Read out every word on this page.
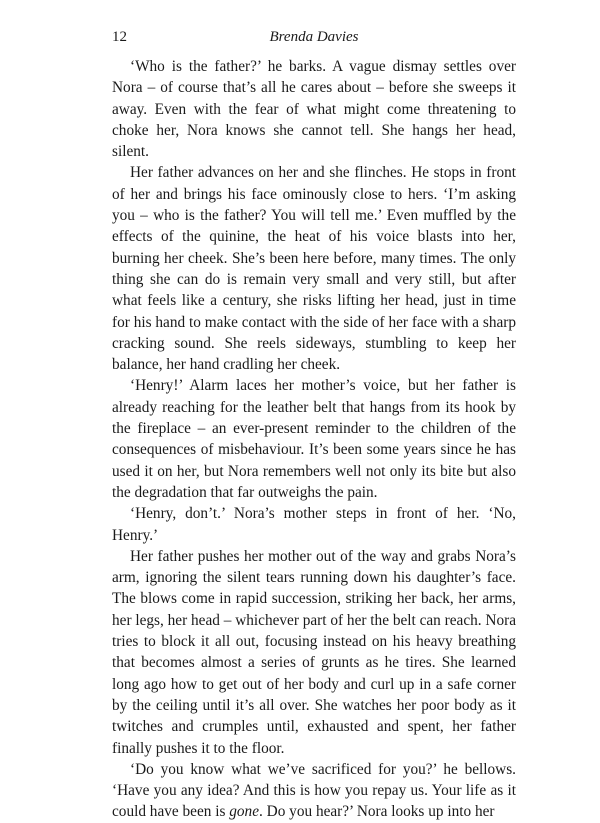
12	Brenda Davies

‘Who is the father?’ he barks. A vague dismay settles over Nora – of course that’s all he cares about – before she sweeps it away. Even with the fear of what might come threatening to choke her, Nora knows she cannot tell. She hangs her head, silent.

Her father advances on her and she flinches. He stops in front of her and brings his face ominously close to hers. ‘I’m asking you – who is the father? You will tell me.’ Even muffled by the effects of the quinine, the heat of his voice blasts into her, burning her cheek. She’s been here before, many times. The only thing she can do is remain very small and very still, but after what feels like a century, she risks lifting her head, just in time for his hand to make contact with the side of her face with a sharp cracking sound. She reels sideways, stumbling to keep her balance, her hand cradling her cheek.

‘Henry!’ Alarm laces her mother’s voice, but her father is already reaching for the leather belt that hangs from its hook by the fireplace – an ever-present reminder to the children of the consequences of misbehaviour. It’s been some years since he has used it on her, but Nora remembers well not only its bite but also the degradation that far outweighs the pain.

‘Henry, don’t.’ Nora’s mother steps in front of her. ‘No, Henry.’

Her father pushes her mother out of the way and grabs Nora’s arm, ignoring the silent tears running down his daughter’s face. The blows come in rapid succession, striking her back, her arms, her legs, her head – whichever part of her the belt can reach. Nora tries to block it all out, focusing instead on his heavy breathing that becomes almost a series of grunts as he tires. She learned long ago how to get out of her body and curl up in a safe corner by the ceiling until it’s all over. She watches her poor body as it twitches and crumples until, exhausted and spent, her father finally pushes it to the floor.

‘Do you know what we’ve sacrificed for you?’ he bellows. ‘Have you any idea? And this is how you repay us. Your life as it could have been is gone. Do you hear?’ Nora looks up into her
